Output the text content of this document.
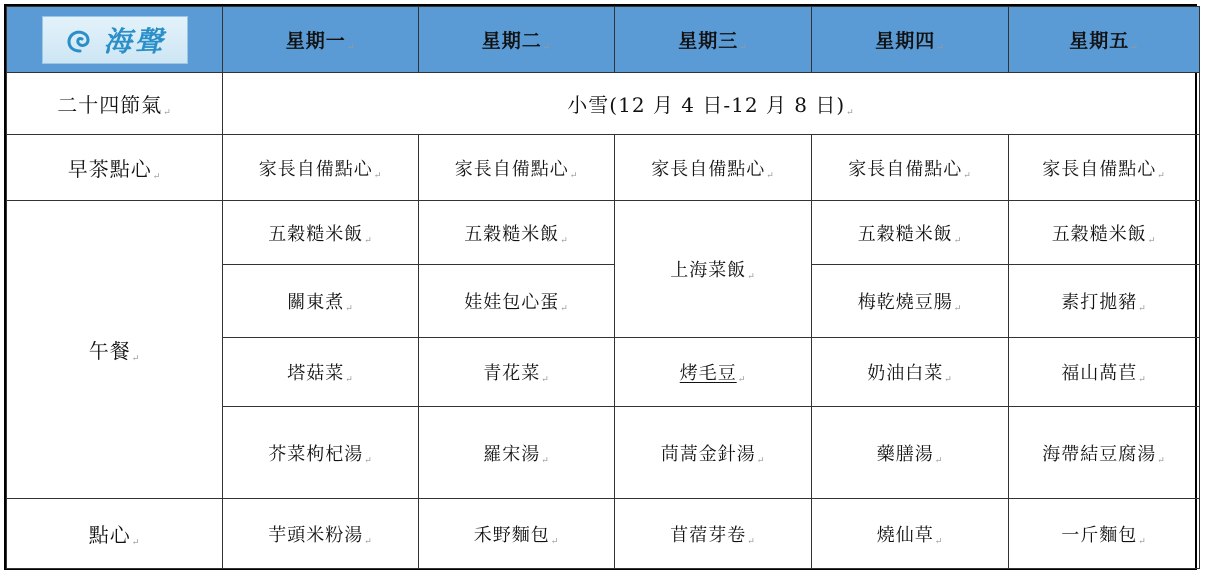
海聲	星期一↵	星期二↵	星期三↵	星期四↵	星期五↵
二十四節氣↵	小雪(12 月 4 日-12 月 8 日)↵				
早茶點心↵	家長自備點心↵	家長自備點心↵	家長自備點心↵	家長自備點心↵	家長自備點心↵
午餐↵	五穀糙米飯↵	五穀糙米飯↵	上海菜飯↵	五穀糙米飯↵	五穀糙米飯↵
	關東煮↵	娃娃包心蛋↵		梅乾燒豆腸↵	素打拋豬↵
	塔菇菜↵	青花菜↵	烤毛豆↵	奶油白菜↵	福山萵苣↵
	芥菜枸杞湯↵	羅宋湯↵	茼蒿金針湯↵	藥膳湯↵	海帶結豆腐湯↵
點心↵	芋頭米粉湯↵	禾野麵包↵	苜蓿芽卷↵	燒仙草↵	一斤麵包↵
